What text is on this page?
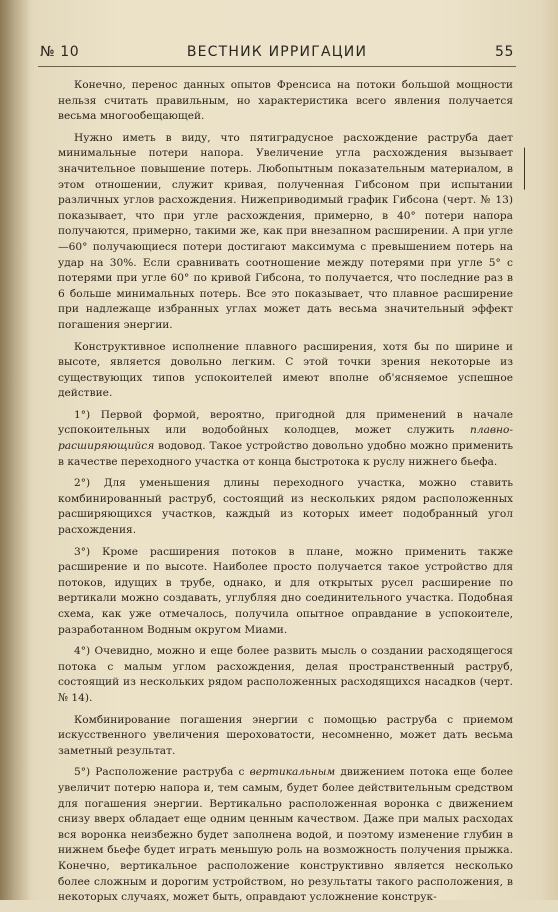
№ 10	ВЕСТНИК ИРРИГАЦИИ	55

Конечно, перенос данных опытов Френсиса на потоки большой мощности нельзя считать правильным, но характеристика всего явления получается весьма многообещающей.

Нужно иметь в виду, что пятиградусное расхождение раструба дает минимальные потери напора. Увеличение угла расхождения вызывает значительное повышение потерь. Любопытным показательным материалом, в этом отношении, служит кривая, полученная Гибсоном при испытании различных углов расхождения. Нижеприводимый график Гибсона (черт. № 13) показывает, что при угле расхождения, примерно, в 40° потери напора получаются, примерно, такими же, как при внезапном расширении. А при угле—60° получающиеся потери достигают максимума с превышением потерь на удар на 30%. Если сравнивать соотношение между потерями при угле 5° с потерями при угле 60° по кривой Гибсона, то получается, что последние раз в 6 больше минимальных потерь. Все это показывает, что плавное расширение при надлежаще избранных углах может дать весьма значительный эффект погашения энергии.

Конструктивное исполнение плавного расширения, хотя бы по ширине и высоте, является довольно легким. С этой точки зрения некоторые из существующих типов успокоителей имеют вполне об'ясняемое успешное действие.

1°) Первой формой, вероятно, пригодной для применений в начале успокоительных или водобойных колодцев, может служить плавно-расширяющийся водовод. Такое устройство довольно удобно можно применить в качестве переходного участка от конца быстротока к руслу нижнего бьефа.

2°) Для уменьшения длины переходного участка, можно ставить комбинированный раструб, состоящий из нескольких рядом расположенных расширяющихся участков, каждый из которых имеет подобранный угол расхождения.

3°) Кроме расширения потоков в плане, можно применить также расширение и по высоте. Наиболее просто получается такое устройство для потоков, идущих в трубе, однако, и для открытых русел расширение по вертикали можно создавать, углубляя дно соединительного участка. Подобная схема, как уже отмечалось, получила опытное оправдание в успокоителе, разработанном Водным округом Миами.

4°) Очевидно, можно и еще более развить мысль о создании расходящегося потока с малым углом расхождения, делая пространственный раструб, состоящий из нескольких рядом расположенных расходящихся насадков (черт. № 14).

Комбинирование погашения энергии с помощью раструба с приемом искусственного увеличения шероховатости, несомненно, может дать весьма заметный результат.

5°) Расположение раструба с вертикальным движением потока еще более увеличит потерю напора и, тем самым, будет более действительным средством для погашения энергии. Вертикально расположенная воронка с движением снизу вверх обладает еще одним ценным качеством. Даже при малых расходах вся воронка неизбежно будет заполнена водой, и поэтому изменение глубин в нижнем бьефе будет играть меньшую роль на возможность получения прыжка. Конечно, вертикальное расположение конструктивно является несколько более сложным и дорогим устройством, но результаты такого расположения, в некоторых случаях, может быть, оправдают усложнение конструк-
